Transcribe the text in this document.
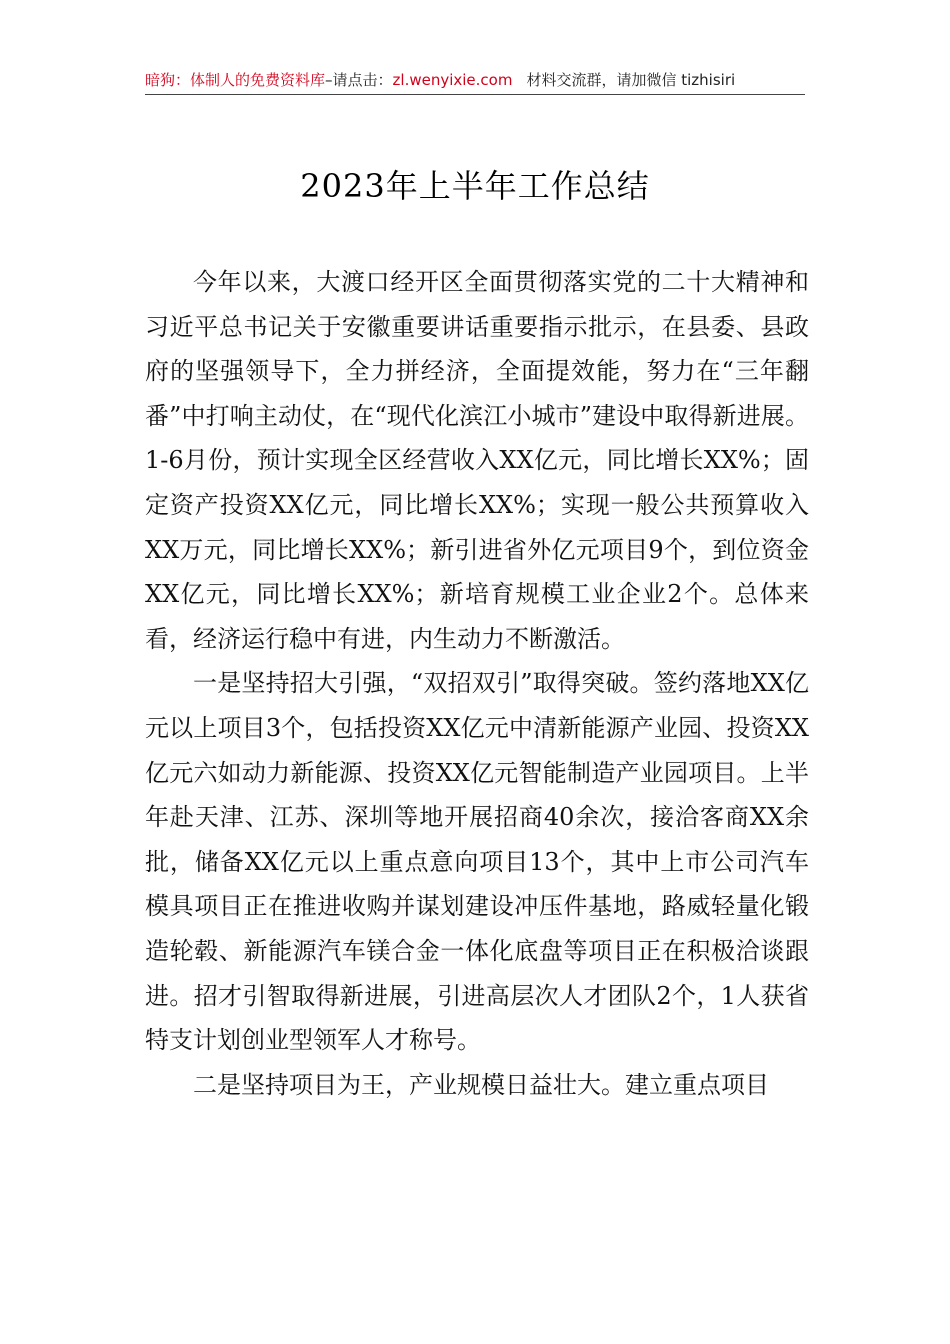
暗狗：体制人的免费资料库–请点击：zl.wenyixie.com 材料交流群，请加微信 tizhisiri
2023年上半年工作总结

今年以来，大渡口经开区全面贯彻落实党的二十大精神和习近平总书记关于安徽重要讲话重要指示批示，在县委、县政府的坚强领导下，全力拼经济，全面提效能，努力在“三年翻番”中打响主动仗，在“现代化滨江小城市”建设中取得新进展。1-6月份，预计实现全区经营收入XX亿元，同比增长XX%；固定资产投资XX亿元，同比增长XX%；实现一般公共预算收入XX万元，同比增长XX%；新引进省外亿元项目9个，到位资金XX亿元，同比增长XX%；新培育规模工业企业2个。总体来看，经济运行稳中有进，内生动力不断激活。

一是坚持招大引强，“双招双引”取得突破。签约落地XX亿元以上项目3个，包括投资XX亿元中清新能源产业园、投资XX亿元六如动力新能源、投资XX亿元智能制造产业园项目。上半年赴天津、江苏、深圳等地开展招商40余次，接洽客商XX余批，储备XX亿元以上重点意向项目13个，其中上市公司汽车模具项目正在推进收购并谋划建设冲压件基地，路威轻量化锻造轮毂、新能源汽车镁合金一体化底盘等项目正在积极洽谈跟进。招才引智取得新进展，引进高层次人才团队2个，1人获省特支计划创业型领军人才称号。

二是坚持项目为王，产业规模日益壮大。建立重点项目
